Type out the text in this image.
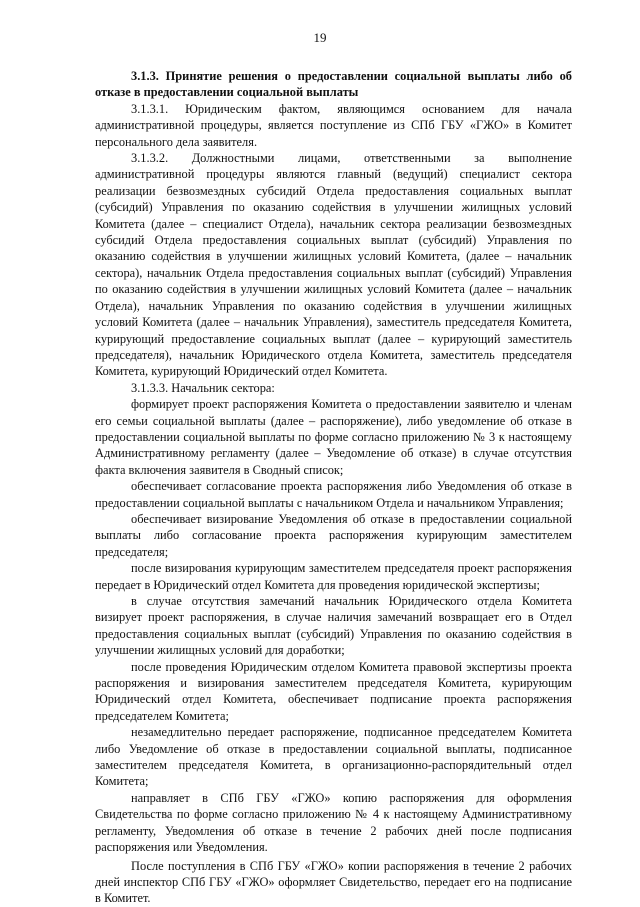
19

3.1.3. Принятие решения о предоставлении социальной выплаты либо об отказе в предоставлении социальной выплаты

3.1.3.1. Юридическим фактом, являющимся основанием для начала административной процедуры, является поступление из СПб ГБУ «ГЖО» в Комитет персонального дела заявителя.

3.1.3.2. Должностными лицами, ответственными за выполнение административной процедуры являются главный (ведущий) специалист сектора реализации безвозмездных субсидий Отдела предоставления социальных выплат (субсидий) Управления по оказанию содействия в улучшении жилищных условий Комитета (далее – специалист Отдела), начальник сектора реализации безвозмездных субсидий Отдела предоставления социальных выплат (субсидий) Управления по оказанию содействия в улучшении жилищных условий Комитета, (далее – начальник сектора), начальник Отдела предоставления социальных выплат (субсидий) Управления по оказанию содействия в улучшении жилищных условий Комитета (далее – начальник Отдела), начальник Управления по оказанию содействия в улучшении жилищных условий Комитета (далее – начальник Управления), заместитель председателя Комитета, курирующий предоставление социальных выплат (далее – курирующий заместитель председателя), начальник Юридического отдела Комитета, заместитель председателя Комитета, курирующий Юридический отдел Комитета.

3.1.3.3. Начальник сектора:

формирует проект распоряжения Комитета о предоставлении заявителю и членам его семьи социальной выплаты (далее – распоряжение), либо уведомление об отказе в предоставлении социальной выплаты по форме согласно приложению № 3 к настоящему Административному регламенту (далее – Уведомление об отказе) в случае отсутствия факта включения заявителя в Сводный список;

обеспечивает согласование проекта распоряжения либо Уведомления об отказе в предоставлении социальной выплаты с начальником Отдела и начальником Управления;

обеспечивает визирование Уведомления об отказе в предоставлении социальной выплаты либо согласование проекта распоряжения курирующим заместителем председателя;

после визирования курирующим заместителем председателя проект распоряжения передает в Юридический отдел Комитета для проведения юридической экспертизы;

в случае отсутствия замечаний начальник Юридического отдела Комитета визирует проект распоряжения, в случае наличия замечаний возвращает его в Отдел предоставления социальных выплат (субсидий) Управления по оказанию содействия в улучшении жилищных условий для доработки;

после проведения Юридическим отделом Комитета правовой экспертизы проекта распоряжения и визирования заместителем председателя Комитета, курирующим Юридический отдел Комитета, обеспечивает подписание проекта распоряжения председателем Комитета;

незамедлительно передает распоряжение, подписанное председателем Комитета либо Уведомление об отказе в предоставлении социальной выплаты, подписанное заместителем председателя Комитета, в организационно-распорядительный отдел Комитета;

направляет в СПб ГБУ «ГЖО» копию распоряжения для оформления Свидетельства по форме согласно приложению № 4 к настоящему Административному регламенту, Уведомления об отказе в течение 2 рабочих дней после подписания распоряжения или Уведомления.

После поступления в СПб ГБУ «ГЖО» копии распоряжения в течение 2 рабочих дней инспектор СПб ГБУ «ГЖО» оформляет Свидетельство, передает его на подписание в Комитет.
